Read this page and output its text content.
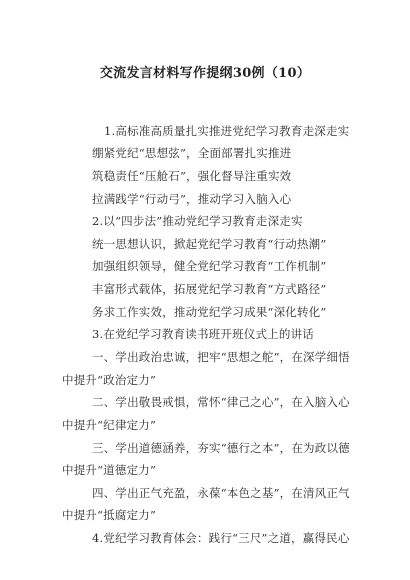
交流发言材料写作提纲30例（10）
1.高标准高质量扎实推进党纪学习教育走深走实
绷紧党纪“思想弦”，全面部署扎实推进
筑稳责任“压舱石”，强化督导注重实效
拉满践学“行动弓”，推动学习入脑入心
2.以“四步法”推动党纪学习教育走深走实
统一思想认识，掀起党纪学习教育“行动热潮”
加强组织领导，健全党纪学习教育“工作机制”
丰富形式载体，拓展党纪学习教育“方式路径”
务求工作实效，推动党纪学习成果“深化转化”
3.在党纪学习教育读书班开班仪式上的讲话
一、学出政治忠诚，把牢“思想之舵”，在深学细悟
中提升“政治定力”
二、学出敬畏戒惧，常怀“律己之心”，在入脑入心
中提升“纪律定力”
三、学出道德涵养，夯实“德行之本”，在为政以德
中提升“道德定力”
四、学出正气充盈，永葆“本色之基”，在清风正气
中提升“抵腐定力”
4.党纪学习教育体会：践行“三尺”之道，赢得民心
